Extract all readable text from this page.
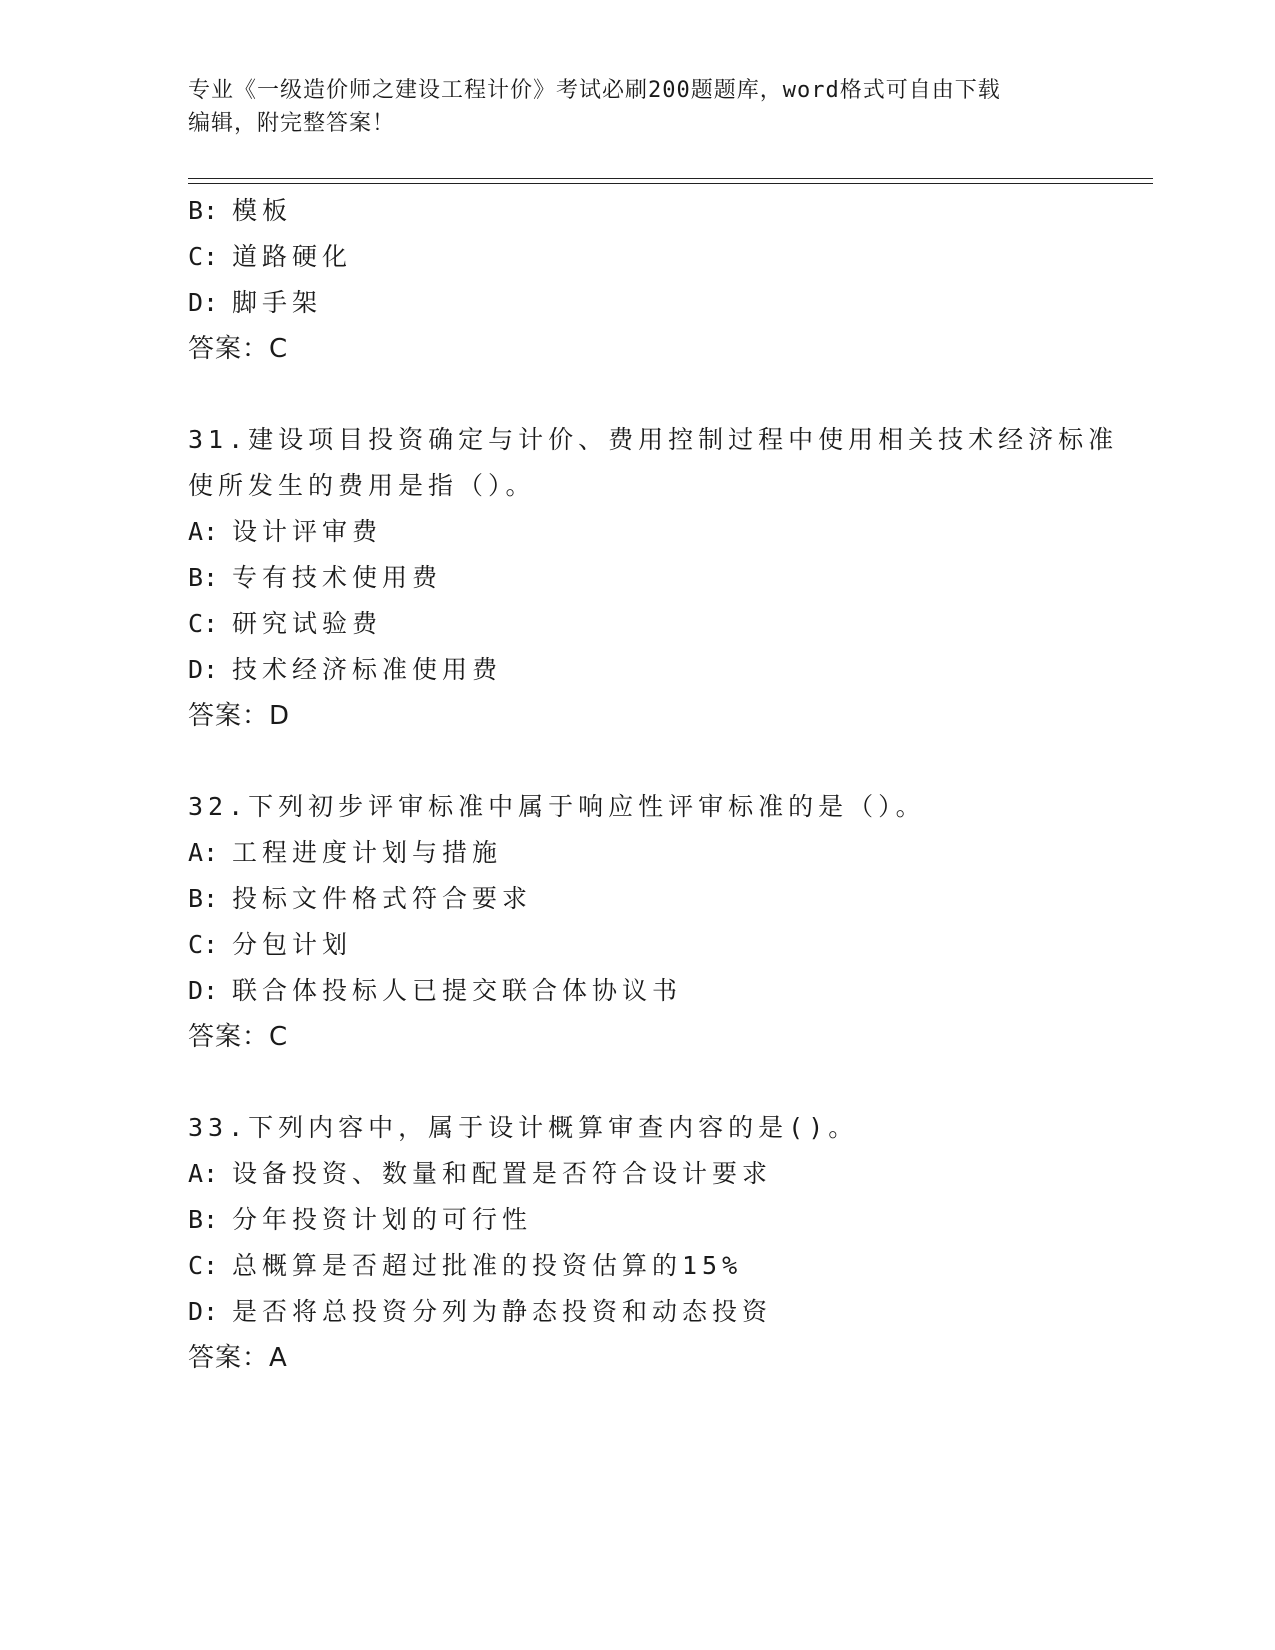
专业《一级造价师之建设工程计价》考试必刷200题题库，word格式可自由下载
编辑，附完整答案！
B: 模板
C: 道路硬化
D: 脚手架
答案：C
31.建设项目投资确定与计价、费用控制过程中使用相关技术经济标准
使所发生的费用是指（）。
A: 设计评审费
B: 专有技术使用费
C: 研究试验费
D: 技术经济标准使用费
答案：D
32.下列初步评审标准中属于响应性评审标准的是（）。
A: 工程进度计划与措施
B: 投标文件格式符合要求
C: 分包计划
D: 联合体投标人已提交联合体协议书
答案：C
33.下列内容中，属于设计概算审查内容的是()。
A: 设备投资、数量和配置是否符合设计要求
B: 分年投资计划的可行性
C: 总概算是否超过批准的投资估算的15%
D: 是否将总投资分列为静态投资和动态投资
答案：A
